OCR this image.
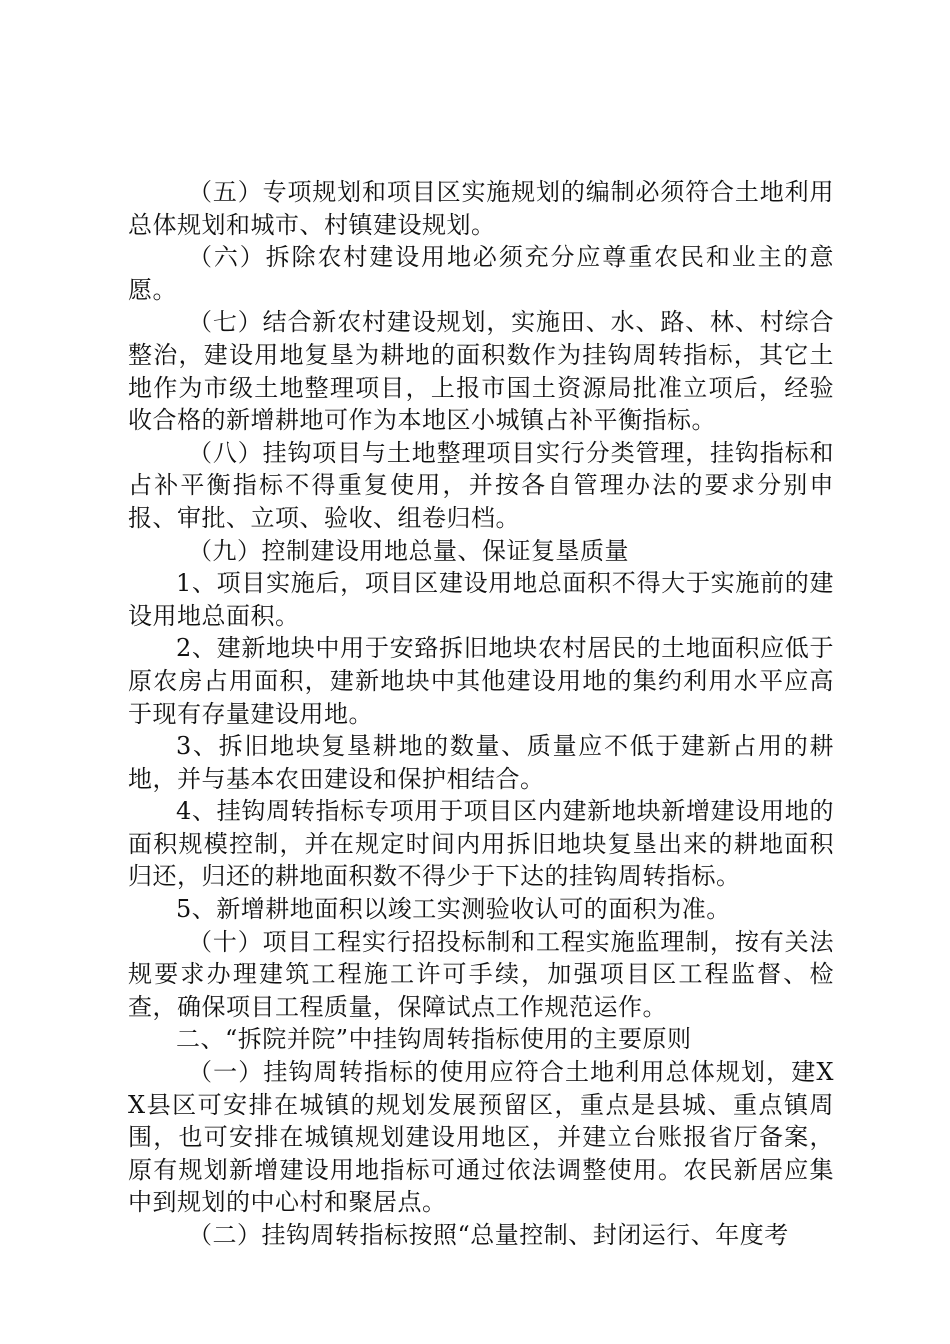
（五）专项规划和项目区实施规划的编制必须符合土地利用总体规划和城市、村镇建设规划。

（六）拆除农村建设用地必须充分应尊重农民和业主的意愿。

（七）结合新农村建设规划，实施田、水、路、林、村综合整治，建设用地复垦为耕地的面积数作为挂钩周转指标，其它土地作为市级土地整理项目，上报市国土资源局批准立项后，经验收合格的新增耕地可作为本地区小城镇占补平衡指标。

（八）挂钩项目与土地整理项目实行分类管理，挂钩指标和占补平衡指标不得重复使用，并按各自管理办法的要求分别申报、审批、立项、验收、组卷归档。

（九）控制建设用地总量、保证复垦质量

1、项目实施后，项目区建设用地总面积不得大于实施前的建设用地总面积。

2、建新地块中用于安臵拆旧地块农村居民的土地面积应低于原农房占用面积，建新地块中其他建设用地的集约利用水平应高于现有存量建设用地。

3、拆旧地块复垦耕地的数量、质量应不低于建新占用的耕地，并与基本农田建设和保护相结合。

4、挂钩周转指标专项用于项目区内建新地块新增建设用地的面积规模控制，并在规定时间内用拆旧地块复垦出来的耕地面积归还，归还的耕地面积数不得少于下达的挂钩周转指标。

5、新增耕地面积以竣工实测验收认可的面积为准。

（十）项目工程实行招投标制和工程实施监理制，按有关法规要求办理建筑工程施工许可手续，加强项目区工程监督、检查，确保项目工程质量，保障试点工作规范运作。

二、“拆院并院”中挂钩周转指标使用的主要原则

（一）挂钩周转指标的使用应符合土地利用总体规划，建XX县区可安排在城镇的规划发展预留区，重点是县城、重点镇周围，也可安排在城镇规划建设用地区，并建立台账报省厅备案，原有规划新增建设用地指标可通过依法调整使用。农民新居应集中到规划的中心村和聚居点。

（二）挂钩周转指标按照“总量控制、封闭运行、年度考
